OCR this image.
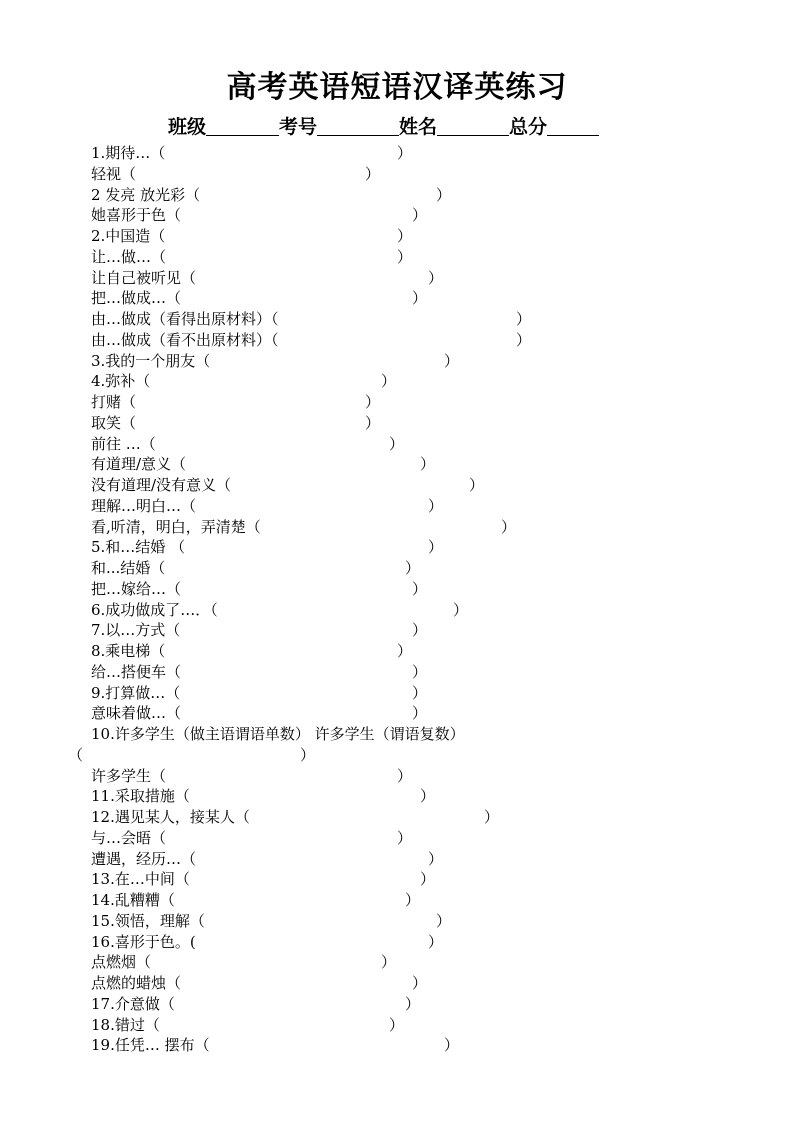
高考英语短语汉译英练习
班级	考号	姓名	总分
1.期待…（	）
轻视（	）
2 发亮 放光彩（	）
她喜形于色（	）
2.中国造（	）
让…做…（	）
让自己被听见（	）
把…做成…（	）
由…做成（看得出原材料）（	）
由…做成（看不出原材料）（	）
3.我的一个朋友（	）
4.弥补（	）
打赌（	）
取笑（	）
前往 …（	）
有道理/意义（	）
没有道理/没有意义（	）
理解…明白…（	）
看,听清，明白，弄清楚（	）
5.和…结婚 （	）
和...结婚（	）
把…嫁给…（	）
6.成功做成了…．（	）
7.以…方式（	）
8.乘电梯（	）
给…搭便车（	）
9.打算做…（	）
意味着做…（	）
10.许多学生（做主语谓语单数） 许多学生（谓语复数）
（	）
许多学生（	）
11.采取措施（	）
12.遇见某人，接某人（	）
与…会晤（	）
遭遇，经历…（	）
13.在…中间（	）
14.乱糟糟（	）
15.领悟，理解（	）
16.喜形于色。(	）
点燃烟（	）
点燃的蜡烛（	）
17.介意做（	）
18.错过（	）
19.任凭… 摆布（	）
